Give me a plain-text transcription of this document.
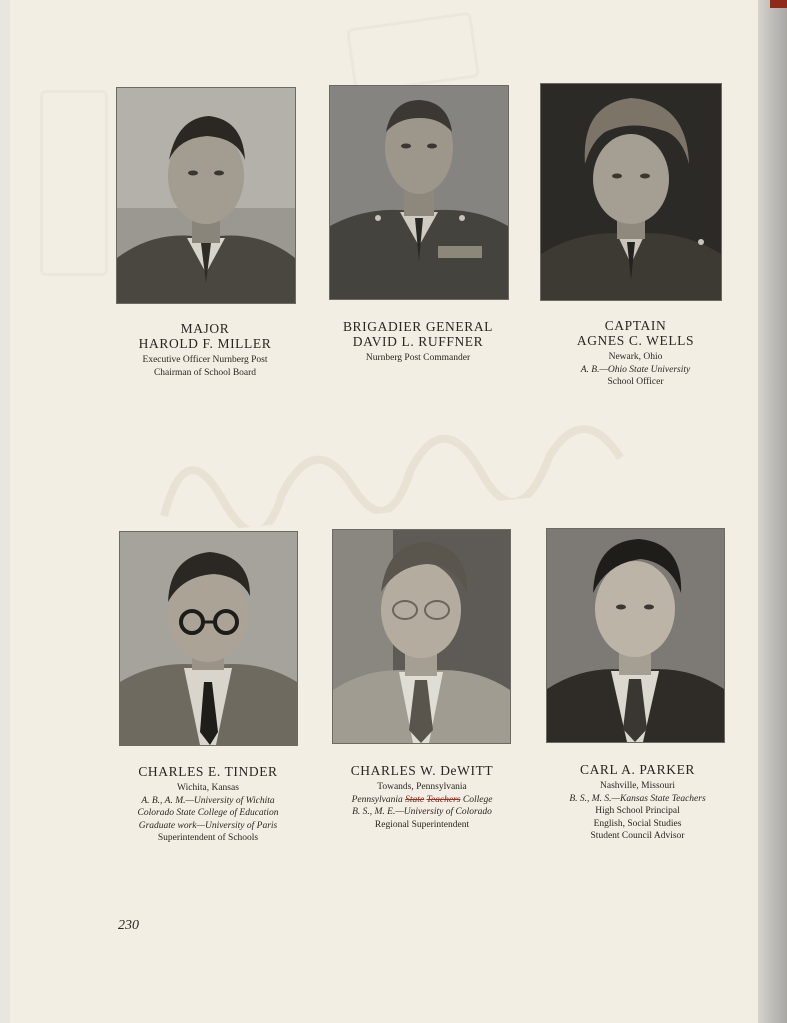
MAJOR
HAROLD F. MILLER
Executive Officer Nurnberg Post
Chairman of School Board
BRIGADIER GENERAL
DAVID L. RUFFNER
Nurnberg Post Commander
CAPTAIN
AGNES C. WELLS
Newark, Ohio
A. B.—Ohio State University
School Officer
CHARLES E. TINDER
Wichita, Kansas
A. B., A. M.—University of Wichita
Colorado State College of Education
Graduate work—University of Paris
Superintendent of Schools
CHARLES W. DeWITT
Towands, Pennsylvania
Pennsylvania State Teachers College
B. S., M. E.—University of Colorado
Regional Superintendent
CARL A. PARKER
Nashville, Missouri
B. S., M. S.—Kansas State Teachers
High School Principal
English, Social Studies
Student Council Advisor
230
